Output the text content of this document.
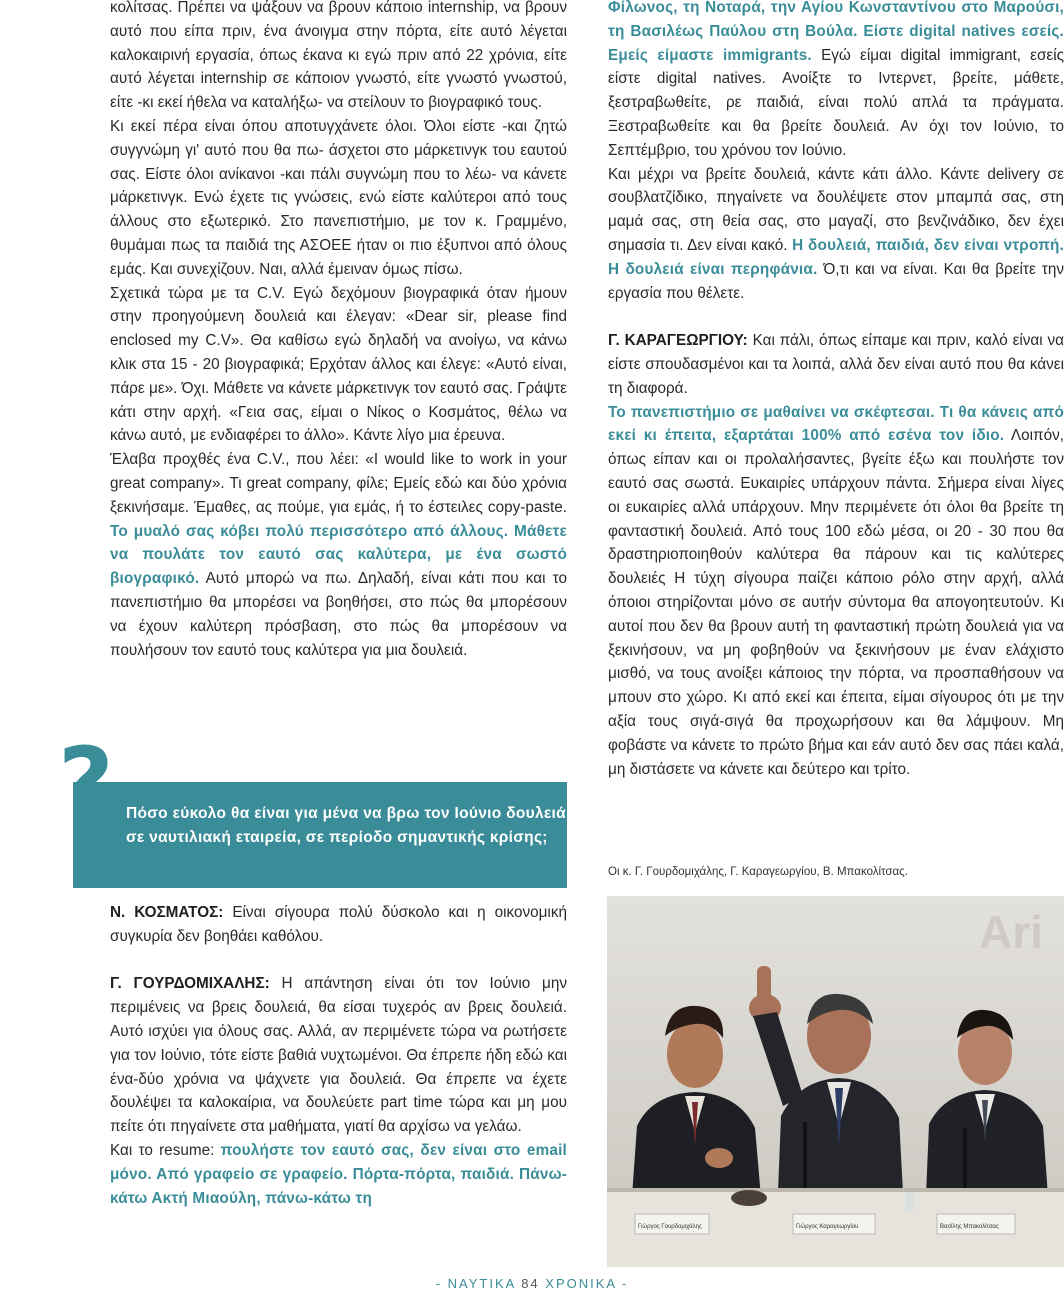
κολίτσας. Πρέπει να ψάξουν να βρουν κάποιο internship, να βρουν αυτό που είπα πριν, ένα άνοιγμα στην πόρτα, είτε αυτό λέγεται καλοκαιρινή εργασία, όπως έκανα κι εγώ πριν από 22 χρόνια, είτε αυτό λέγεται internship σε κάποιον γνωστό, είτε γνωστό γνωστού, είτε -κι εκεί ήθελα να καταλήξω- να στείλουν το βιογραφικό τους.

Κι εκεί πέρα είναι όπου αποτυγχάνετε όλοι. Όλοι είστε -και ζητώ συγγνώμη γι' αυτό που θα πω- άσχετοι στο μάρκετινγκ του εαυτού σας. Είστε όλοι ανίκανοι -και πάλι συγνώμη που το λέω- να κάνετε μάρκετινγκ. Ενώ έχετε τις γνώσεις, ενώ είστε καλύτεροι από τους άλλους στο εξωτερικό. Στο πανεπιστήμιο, με τον κ. Γραμμένο, θυμάμαι πως τα παιδιά της ΑΣΟΕΕ ήταν οι πιο έξυπνοι από όλους εμάς. Και συνεχίζουν. Ναι, αλλά έμειναν όμως πίσω.

Σχετικά τώρα με τα C.V. Εγώ δεχόμουν βιογραφικά όταν ήμουν στην προηγούμενη δουλειά και έλεγαν: «Dear sir, please find enclosed my C.V». Θα καθίσω εγώ δηλαδή να ανοίγω, να κάνω κλικ στα 15 - 20 βιογραφικά; Ερχόταν άλλος και έλεγε: «Αυτό είναι, πάρε με». Όχι. Μάθετε να κάνετε μάρκετινγκ τον εαυτό σας. Γράψτε κάτι στην αρχή. «Γεια σας, είμαι ο Νίκος ο Κοσμάτος, θέλω να κάνω αυτό, με ενδιαφέρει το άλλο». Κάντε λίγο μια έρευνα.

Έλαβα προχθές ένα C.V., που λέει: «I would like to work in your great company». Τι great company, φίλε; Εμείς εδώ και δύο χρόνια ξεκινήσαμε. Έμαθες, ας πούμε, για εμάς, ή το έστειλες copy-paste. Το μυαλό σας κόβει πολύ περισσότερο από άλλους. Μάθετε να πουλάτε τον εαυτό σας καλύτερα, με ένα σωστό βιογραφικό. Αυτό μπορώ να πω. Δηλαδή, είναι κάτι που και το πανεπιστήμιο θα μπορέσει να βοηθήσει, στο πώς θα μπορέσουν να έχουν καλύτερη πρόσβαση, στο πώς θα μπορέσουν να πουλήσουν τον εαυτό τους καλύτερα για μια δουλειά.

? Πόσο εύκολο θα είναι για μένα να βρω τον Ιούνιο δουλειά σε ναυτιλιακή εταιρεία, σε περίοδο σημαντικής κρίσης;

Ν. ΚΟΣΜΑΤΟΣ: Είναι σίγουρα πολύ δύσκολο και η οικονομική συγκυρία δεν βοηθάει καθόλου.

Γ. ΓΟΥΡΔΟΜΙΧΑΛΗΣ: Η απάντηση είναι ότι τον Ιούνιο μην περιμένεις να βρεις δουλειά, θα είσαι τυχερός αν βρεις δουλειά. Αυτό ισχύει για όλους σας. Αλλά, αν περιμένετε τώρα να ρωτήσετε για τον Ιούνιο, τότε είστε βαθιά νυχτωμένοι. Θα έπρεπε ήδη εδώ και ένα-δύο χρόνια να ψάχνετε για δουλειά. Θα έπρεπε να έχετε δουλέψει τα καλοκαίρια, να δουλεύετε part time τώρα και μη μου πείτε ότι πηγαίνετε στα μαθήματα, γιατί θα αρχίσω να γελάω.

Και το resume: πουλήστε τον εαυτό σας, δεν είναι στο email μόνο. Από γραφείο σε γραφείο. Πόρτα-πόρτα, παιδιά. Πάνω-κάτω Ακτή Μιαούλη, πάνω-κάτω τη

Φίλωνος, τη Νοταρά, την Αγίου Κωνσταντίνου στο Μαρούσι, τη Βασιλέως Παύλου στη Βούλα. Είστε digital natives εσείς. Εμείς είμαστε immigrants. Εγώ είμαι digital immigrant, εσείς είστε digital natives. Ανοίξτε το Ιντερνετ, βρείτε, μάθετε, ξεστραβωθείτε, ρε παιδιά, είναι πολύ απλά τα πράγματα. Ξεστραβωθείτε και θα βρείτε δουλειά. Αν όχι τον Ιούνιο, το Σεπτέμβριο, του χρόνου τον Ιούνιο.

Και μέχρι να βρείτε δουλειά, κάντε κάτι άλλο. Κάντε delivery σε σουβλατζίδικο, πηγαίνετε να δουλέψετε στον μπαμπά σας, στη μαμά σας, στη θεία σας, στο μαγαζί, στο βενζινάδικο, δεν έχει σημασία τι. Δεν είναι κακό. Η δουλειά, παιδιά, δεν είναι ντροπή. Η δουλειά είναι περηφάνια. Ό,τι και να είναι. Και θα βρείτε την εργασία που θέλετε.

Γ. ΚΑΡΑΓΕΩΡΓΙΟΥ: Και πάλι, όπως είπαμε και πριν, καλό είναι να είστε σπουδασμένοι και τα λοιπά, αλλά δεν είναι αυτό που θα κάνει τη διαφορά.

Το πανεπιστήμιο σε μαθαίνει να σκέφτεσαι. Τι θα κάνεις από εκεί κι έπειτα, εξαρτάται 100% από εσένα τον ίδιο. Λοιπόν, όπως είπαν και οι προλαλήσαντες, βγείτε έξω και πουλήστε τον εαυτό σας σωστά. Ευκαιρίες υπάρχουν πάντα. Σήμερα είναι λίγες οι ευκαιρίες αλλά υπάρχουν. Μην περιμένετε ότι όλοι θα βρείτε τη φανταστική δουλειά. Από τους 100 εδώ μέσα, οι 20 - 30 που θα δραστηριοποιηθούν καλύτερα θα πάρουν και τις καλύτερες δουλειές Η τύχη σίγουρα παίζει κάποιο ρόλο στην αρχή, αλλά όποιοι στηρίζονται μόνο σε αυτήν σύντομα θα απογοητευτούν. Κι αυτοί που δεν θα βρουν αυτή τη φανταστική πρώτη δουλειά για να ξεκινήσουν, να μη φοβηθούν να ξεκινήσουν με έναν ελάχιστο μισθό, να τους ανοίξει κάποιος την πόρτα, να προσπαθήσουν να μπουν στο χώρο. Κι από εκεί και έπειτα, είμαι σίγουρος ότι με την αξία τους σιγά-σιγά θα προχωρήσουν και θα λάμψουν. Μη φοβάστε να κάνετε το πρώτο βήμα και εάν αυτό δεν σας πάει καλά, μη διστάσετε να κάνετε και δεύτερο και τρίτο.

Οι κ. Γ. Γουρδομιχάλης, Γ. Καραγεωργίου, Β. Μπακολίτσας.
Ari
Γιώργος Γουρδομιχάλης	Γιώργος Καραγεωργίου	Βασίλης Μπακολίτσας
- ΝΑΥΤΙΚΑ 84 ΧΡΟΝΙΚΑ -
